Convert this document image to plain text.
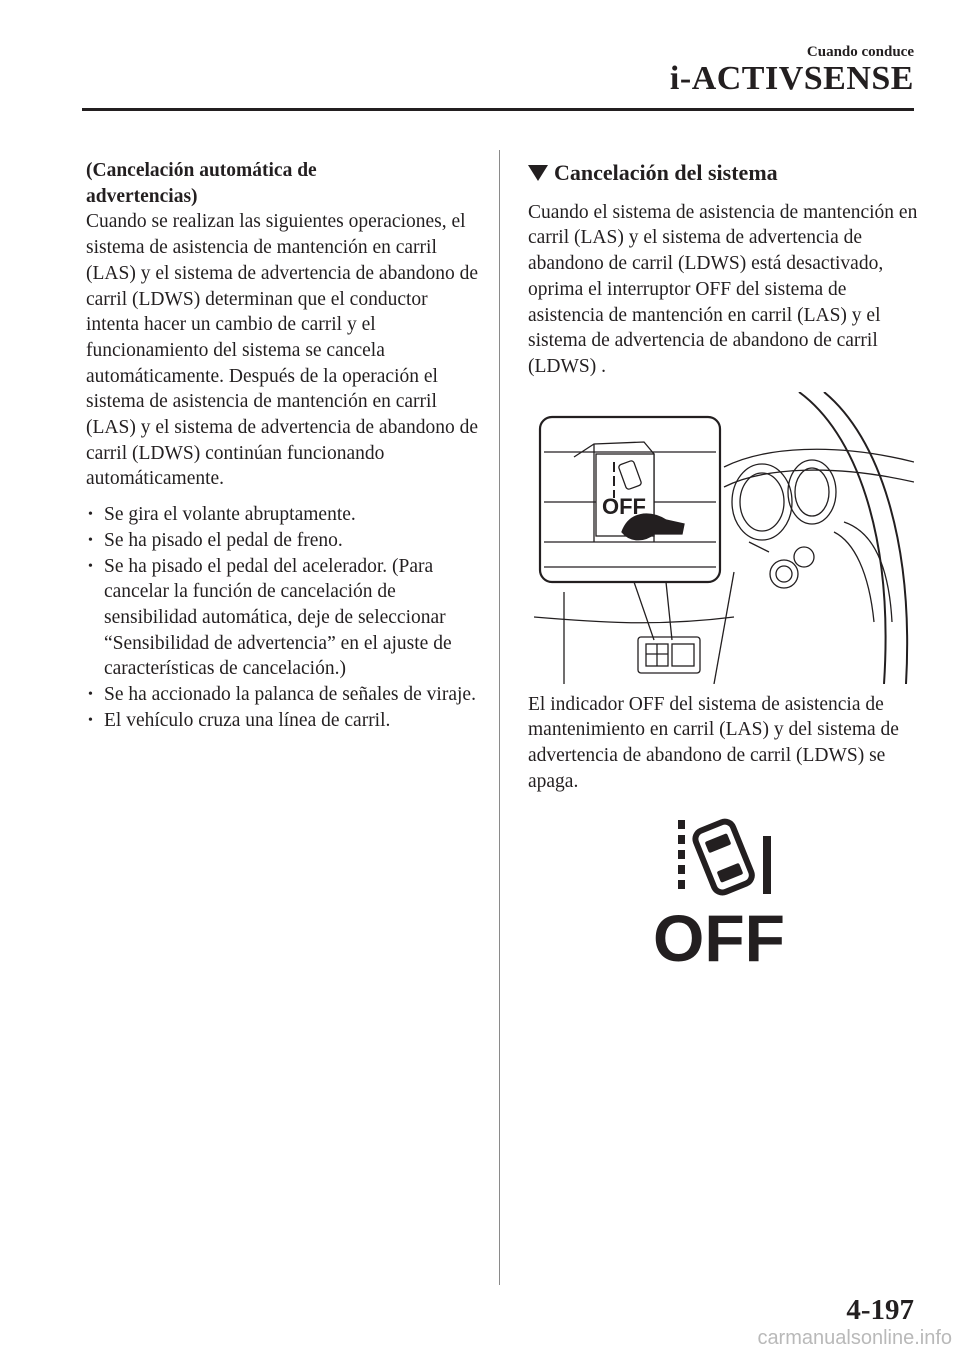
Cuando conduce
i-ACTIVSENSE
(Cancelación automática de
advertencias)
Cuando se realizan las siguientes operaciones, el sistema de asistencia de mantención en carril (LAS) y el sistema de advertencia de abandono de carril (LDWS) determinan que el conductor intenta hacer un cambio de carril y el funcionamiento del sistema se cancela automáticamente. Después de la operación el sistema de asistencia de mantención en carril (LAS) y el sistema de advertencia de abandono de carril (LDWS) continúan funcionando automáticamente.
• Se gira el volante abruptamente.
• Se ha pisado el pedal de freno.
• Se ha pisado el pedal del acelerador. (Para cancelar la función de cancelación de sensibilidad automática, deje de seleccionar “Sensibilidad de advertencia” en el ajuste de características de cancelación.)
• Se ha accionado la palanca de señales de viraje.
• El vehículo cruza una línea de carril.
Cancelación del sistema
Cuando el sistema de asistencia de mantención en carril (LAS) y el sistema de advertencia de abandono de carril (LDWS) está desactivado, oprima el interruptor OFF del sistema de asistencia de mantención en carril (LAS) y el sistema de advertencia de abandono de carril (LDWS) .
OFF
El indicador OFF del sistema de asistencia de mantenimiento en carril (LAS) y del sistema de advertencia de abandono de carril (LDWS) se apaga.
OFF
4-197
carmanualsonline.info
